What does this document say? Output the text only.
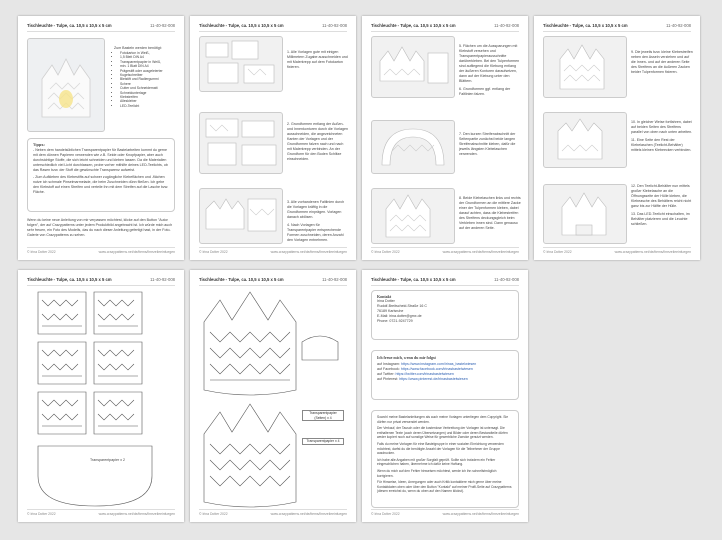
Tischleuchte - Tulpe, ca. 10,5 x 10,5 x 5 cm	11-40-92-008
Zum Basteln werden benötigt:
• Fotokarton in Weiß,
• 1,5 Bleit DIN A4
• Transparentpapier in Weiß,
• min. 1 Blatt DIN A4
• Prägestift oder ausgeleierter
• Kugelschreiber
• Bleistift und Radiergummi
• Schere
• Cutter und Schneidematt
• Schneidunterlage
• Klebstreifen
• Alleskleber
• LED-Teelicht
Tipps:
- Neben dem handelsüblichen Transparentpapier für Bastelarbeiten kommt du gerne mit dem dünnen Papieren verwenden wie z.B. Seide oder Knopfpapier, aber auch durchsichtige Stoffe, die sich leicht schneiden und kleben lassen. Da die Materialien unterschiedlich viel Licht durchlassen, probe vorher mithilfe deines LED-Teelichts, ob das Rasen bzw. der Stoff die gewünschte Transparenz aufweist.
- Zum Aufkleben des Klebestifts auf schwer zugängliche Klebeflächen und -flächen nutze ich schmale Pinselmarmelade, die beim Zuschneiden dünn fließen. Ich gebe den Klebstoff auf einen Streifen und verteile ihn mit dem Streifen auf die Lasche bzw. Fläche.
Wenn du keine neue Anleitung von mir verpassen möchtest, klicke auf den Button "Autor folgen", der auf Crazypatterns unter jedem Produktbild angebracht ist. Ich würde mich auch sehr freuen, ein Foto des Modells, das du nach dieser Anleitung gefertigt hast, in der Foto-Galerie von Crazypatterns zu sehen.
© Irina Dotter 2022	www.crazypatterns.net/de/items/ihrezeileeinfuegen
Tischleuchte - Tulpe, ca. 10,5 x 10,5 x 5 cm	11-40-92-008
1. Alle Vorlagen gute mit einigen Millimetern Zugabe ausschneiden und mit Malerkrepp auf dem Fotokarton fixieren.
2. Grundformen entlang der Außen- und Innenkonturen durch die Vorlagen ausschneiden, die angezeichneten Kanten der Vorlagen und der Grundformen falzen nach und nach mit Malerkrepp verbinden. An der Grundform für den Boden Schlitze einschneiden.
3. Alle vorhandenen Faltlinien durch die Vorlagen kräftig in die Grundformen einprägen. Vorlagen danach ablösen.
4. Nach Vorlagen für Transparentpapier entsprechende Formen zuschneiden, deren Anzahl den Vorlagen entnehmen.
© Irina Dotter 2022	www.crazypatterns.net/de/items/ihrezeileeinfuegen
Tischleuchte - Tulpe, ca. 10,5 x 10,5 x 5 cm	11-40-92-008
5. Flächen um die Aussparungen mit Klebstoff versehen und Transparentpapierausschnitte darüberkleben. Bei den Tulpenformen sind aufliegend die Klebung entlang der äußeren Konturen daraufsetzen, dann auf der Klebung unter den Blättern.
6. Grundformen ggf. entlang der Faltlinien falzen.
7. Den kurzen Streifenabschnitt der Seitenpartie zunächst beide langen Streifenabschnitte kleben, dafür die jeweils längsten Klebelaschen verwenden.
8. Beide Klebelaschen links und rechts der Grundformen an die mittlere Zacke einer der Tulpenformen kleben, dabei darauf achten, dass die Klebestreifen des Streifens deckungsgleich beim Verkleben innen sind. Dann genauso auf der anderen Seite.
© Irina Dotter 2022	www.crazypatterns.net/de/items/ihrezeileeinfuegen
Tischleuchte - Tulpe, ca. 10,5 x 10,5 x 5 cm	11-40-92-008
9. Die jeweils bzw. kleine Klebestreifen neben den Asseln verziehen und auf die Innen- und auf der anderen Seite des Streifens an die äußeren Zacken beider Tulpenformen fixieren.
10. In gleicher Weise fortfahren, dabei auf beiden Seiten des Streifens parallel von oben nach unten arbeiten.
11. Eine Seite den Rest der Klebelaschen (Teelicht-Behälter) mittels kleinen Klebeecken verbinden.
12. Den Teelicht-Behälter nun mittels großer Klebelasche an die Öffnungsseite der Hülle kleben, die Klebeasche des Behälters reicht nicht ganz bis zur Hälfte der Hülle.
13. Das LED-Teelicht einschalten, im Behälter platzieren und die Leuchte schließen.
© Irina Dotter 2022	www.crazypatterns.net/de/items/ihrezeileeinfuegen
Tischleuchte - Tulpe, ca. 10,5 x 10,5 x 5 cm	11-40-92-008
Transparentpapier x 2
© Irina Dotter 2022	www.crazypatterns.net/de/items/ihrezeileeinfuegen
Tischleuchte - Tulpe, ca. 10,5 x 10,5 x 5 cm	11-40-92-008
Transparentpapier (Seiten) x 4
Transparentpapier x 4
© Irina Dotter 2022	www.crazypatterns.net/de/items/ihrezeileeinfuegen
Tischleuchte - Tulpe, ca. 10,5 x 10,5 x 5 cm	11-40-92-008
Kontakt
Irina Dotter
Rudolf-Breitscheid-Straße 16 C
76189 Karlsruhe
E-Mail: irina.dotter@gmx.de
Phone: 0721-9247729
Ich freue mich, wenn du mir folgst
auf Instagram: https://www.instagram.com/irinas_bastelwiesen
auf Facebook: https://www.facebook.com/irinasbastelwiesen
auf Twitter: https://twitter.com/irinasbastelwiesen
auf Pinterest: https://www.pinterest.de/irinasbastelwiesen
Sowohl meine Bastelanleitungen als auch meine Vorlagen unterliegen dem Copyright. Sie dürfen nur privat verwendet werden.
Der Verkauf, der Tausch oder die kostenlose Verbreitung der Vorlagen ist untersagt. Die enthaltenen Texte (auch deren Übersetzungen) und Bilder oder deren Bestandteile dürfen weder kopiert noch auf sonstige Weise für gewerbliche Zwecke genutzt werden.
Falls du meine Vorlagen für eine Bastelgruppe in einer sozialen Einrichtung verwenden möchtest, darfst du die benötigte Anzahl der Vorlagen für die Teilnehmer der Gruppe ausdrucken.
Ich habe alle Angaben mit großer Sorgfalt geprüft. Sollte sich trotzdem ein Fehler eingeschlichen haben, übernehme ich dafür keine Haftung.
Wenn du mich auf den Fehler hinweisen möchtest, werde ich ihn schnellstmöglich korrigieren.
Für Hinweise, Ideen, Anregungen oder auch Kritik kontaktiere mich gerne über meine Kontaktdaten oben oder über den Button "Kontakt" auf meiner Profil-Seite auf Crazypatterns (diesen erreichst du, wenn du oben auf den Namen klickst).
© Irina Dotter 2022	www.crazypatterns.net/de/items/ihrezeileeinfuegen
